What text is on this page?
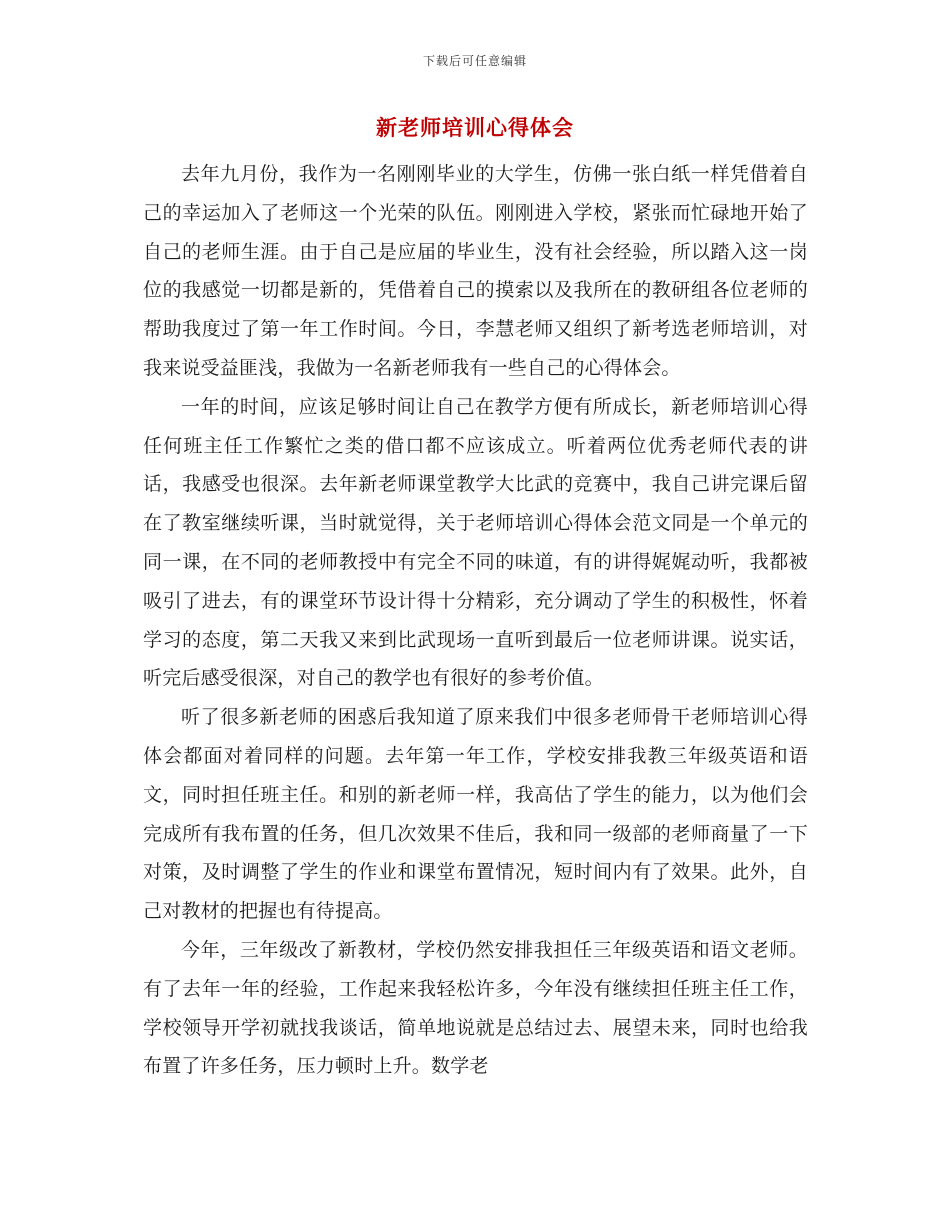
下载后可任意编辑
新老师培训心得体会

去年九月份，我作为一名刚刚毕业的大学生，仿佛一张白纸一样凭借着自己的幸运加入了老师这一个光荣的队伍。刚刚进入学校，紧张而忙碌地开始了自己的老师生涯。由于自己是应届的毕业生，没有社会经验，所以踏入这一岗位的我感觉一切都是新的，凭借着自己的摸索以及我所在的教研组各位老师的帮助我度过了第一年工作时间。今日，李慧老师又组织了新考选老师培训，对我来说受益匪浅，我做为一名新老师我有一些自己的心得体会。

一年的时间，应该足够时间让自己在教学方便有所成长，新老师培训心得任何班主任工作繁忙之类的借口都不应该成立。听着两位优秀老师代表的讲话，我感受也很深。去年新老师课堂教学大比武的竞赛中，我自己讲完课后留在了教室继续听课，当时就觉得，关于老师培训心得体会范文同是一个单元的同一课，在不同的老师教授中有完全不同的味道，有的讲得娓娓动听，我都被吸引了进去，有的课堂环节设计得十分精彩，充分调动了学生的积极性，怀着学习的态度，第二天我又来到比武现场一直听到最后一位老师讲课。说实话，听完后感受很深，对自己的教学也有很好的参考价值。

听了很多新老师的困惑后我知道了原来我们中很多老师骨干老师培训心得体会都面对着同样的问题。去年第一年工作，学校安排我教三年级英语和语文，同时担任班主任。和别的新老师一样，我高估了学生的能力，以为他们会完成所有我布置的任务，但几次效果不佳后，我和同一级部的老师商量了一下对策，及时调整了学生的作业和课堂布置情况，短时间内有了效果。此外，自己对教材的把握也有待提高。

今年，三年级改了新教材，学校仍然安排我担任三年级英语和语文老师。有了去年一年的经验，工作起来我轻松许多，今年没有继续担任班主任工作，学校领导开学初就找我谈话，简单地说就是总结过去、展望未来，同时也给我布置了许多任务，压力顿时上升。数学老
